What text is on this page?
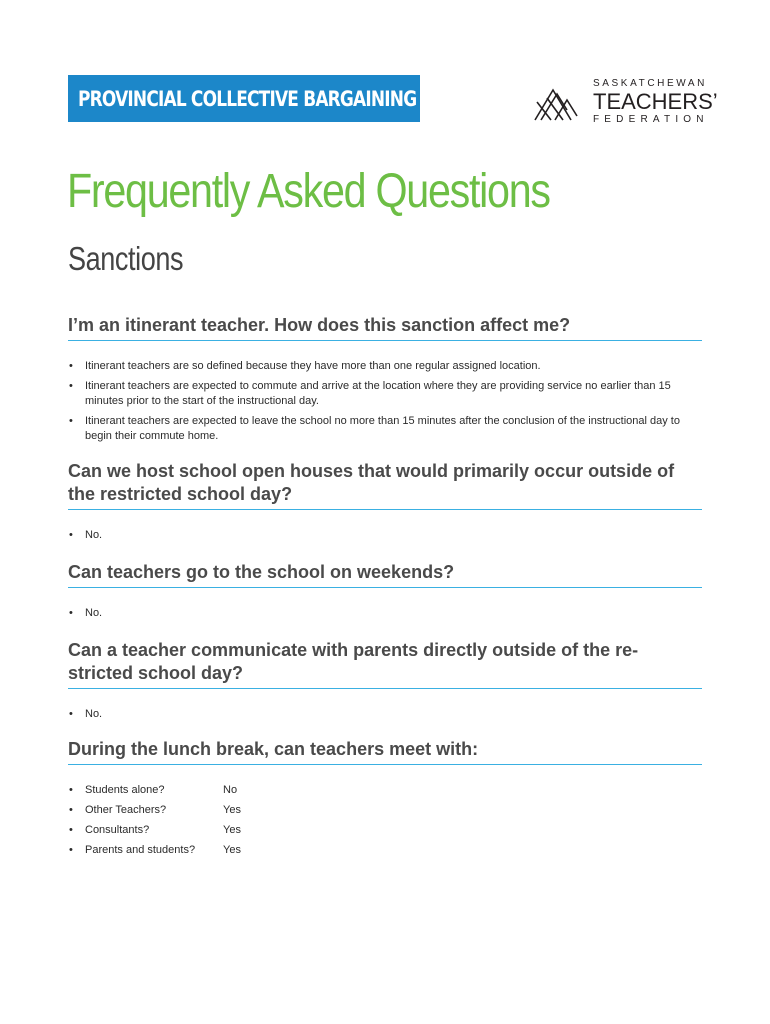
PROVINCIAL COLLECTIVE BARGAINING
SASKATCHEWAN
TEACHERS’
FEDERATION
Frequently Asked Questions
Sanctions
I’m an itinerant teacher. How does this sanction affect me?
• Itinerant teachers are so defined because they have more than one regular assigned location.
• Itinerant teachers are expected to commute and arrive at the location where they are providing service no earlier than 15 minutes prior to the start of the instructional day.
• Itinerant teachers are expected to leave the school no more than 15 minutes after the conclusion of the instructional day to begin their commute home.
Can we host school open houses that would primarily occur outside of the restricted school day?
• No.
Can teachers go to the school on weekends?
• No.
Can a teacher communicate with parents directly outside of the re-stricted school day?
• No.
During the lunch break, can teachers meet with:
• Students alone?	No
• Other Teachers?	Yes
• Consultants?	Yes
• Parents and students?	Yes
